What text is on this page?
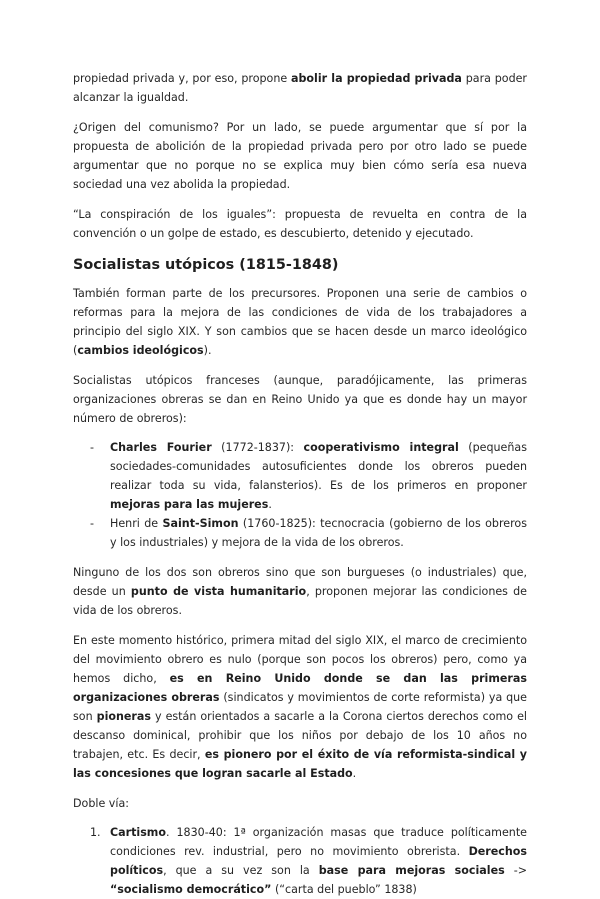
propiedad privada y, por eso, propone abolir la propiedad privada para poder alcanzar la igualdad.

¿Origen del comunismo? Por un lado, se puede argumentar que sí por la propuesta de abolición de la propiedad privada pero por otro lado se puede argumentar que no porque no se explica muy bien cómo sería esa nueva sociedad una vez abolida la propiedad.

“La conspiración de los iguales”: propuesta de revuelta en contra de la convención o un golpe de estado, es descubierto, detenido y ejecutado.

Socialistas utópicos (1815-1848)

También forman parte de los precursores. Proponen una serie de cambios o reformas para la mejora de las condiciones de vida de los trabajadores a principio del siglo XIX. Y son cambios que se hacen desde un marco ideológico (cambios ideológicos).

Socialistas utópicos franceses (aunque, paradójicamente, las primeras organizaciones obreras se dan en Reino Unido ya que es donde hay un mayor número de obreros):

- Charles Fourier (1772-1837): cooperativismo integral (pequeñas sociedades-comunidades autosuficientes donde los obreros pueden realizar toda su vida, falansterios). Es de los primeros en proponer mejoras para las mujeres.
- Henri de Saint-Simon (1760-1825): tecnocracia (gobierno de los obreros y los industriales) y mejora de la vida de los obreros.

Ninguno de los dos son obreros sino que son burgueses (o industriales) que, desde un punto de vista humanitario, proponen mejorar las condiciones de vida de los obreros.

En este momento histórico, primera mitad del siglo XIX, el marco de crecimiento del movimiento obrero es nulo (porque son pocos los obreros) pero, como ya hemos dicho, es en Reino Unido donde se dan las primeras organizaciones obreras (sindicatos y movimientos de corte reformista) ya que son pioneras y están orientados a sacarle a la Corona ciertos derechos como el descanso dominical, prohibir que los niños por debajo de los 10 años no trabajen, etc. Es decir, es pionero por el éxito de vía reformista-sindical y las concesiones que logran sacarle al Estado.

Doble vía:

1. Cartismo. 1830-40: 1ª organización masas que traduce políticamente condiciones rev. industrial, pero no movimiento obrerista. Derechos políticos, que a su vez son la base para mejoras sociales -> “socialismo democrático” (“carta del pueblo” 1838)
